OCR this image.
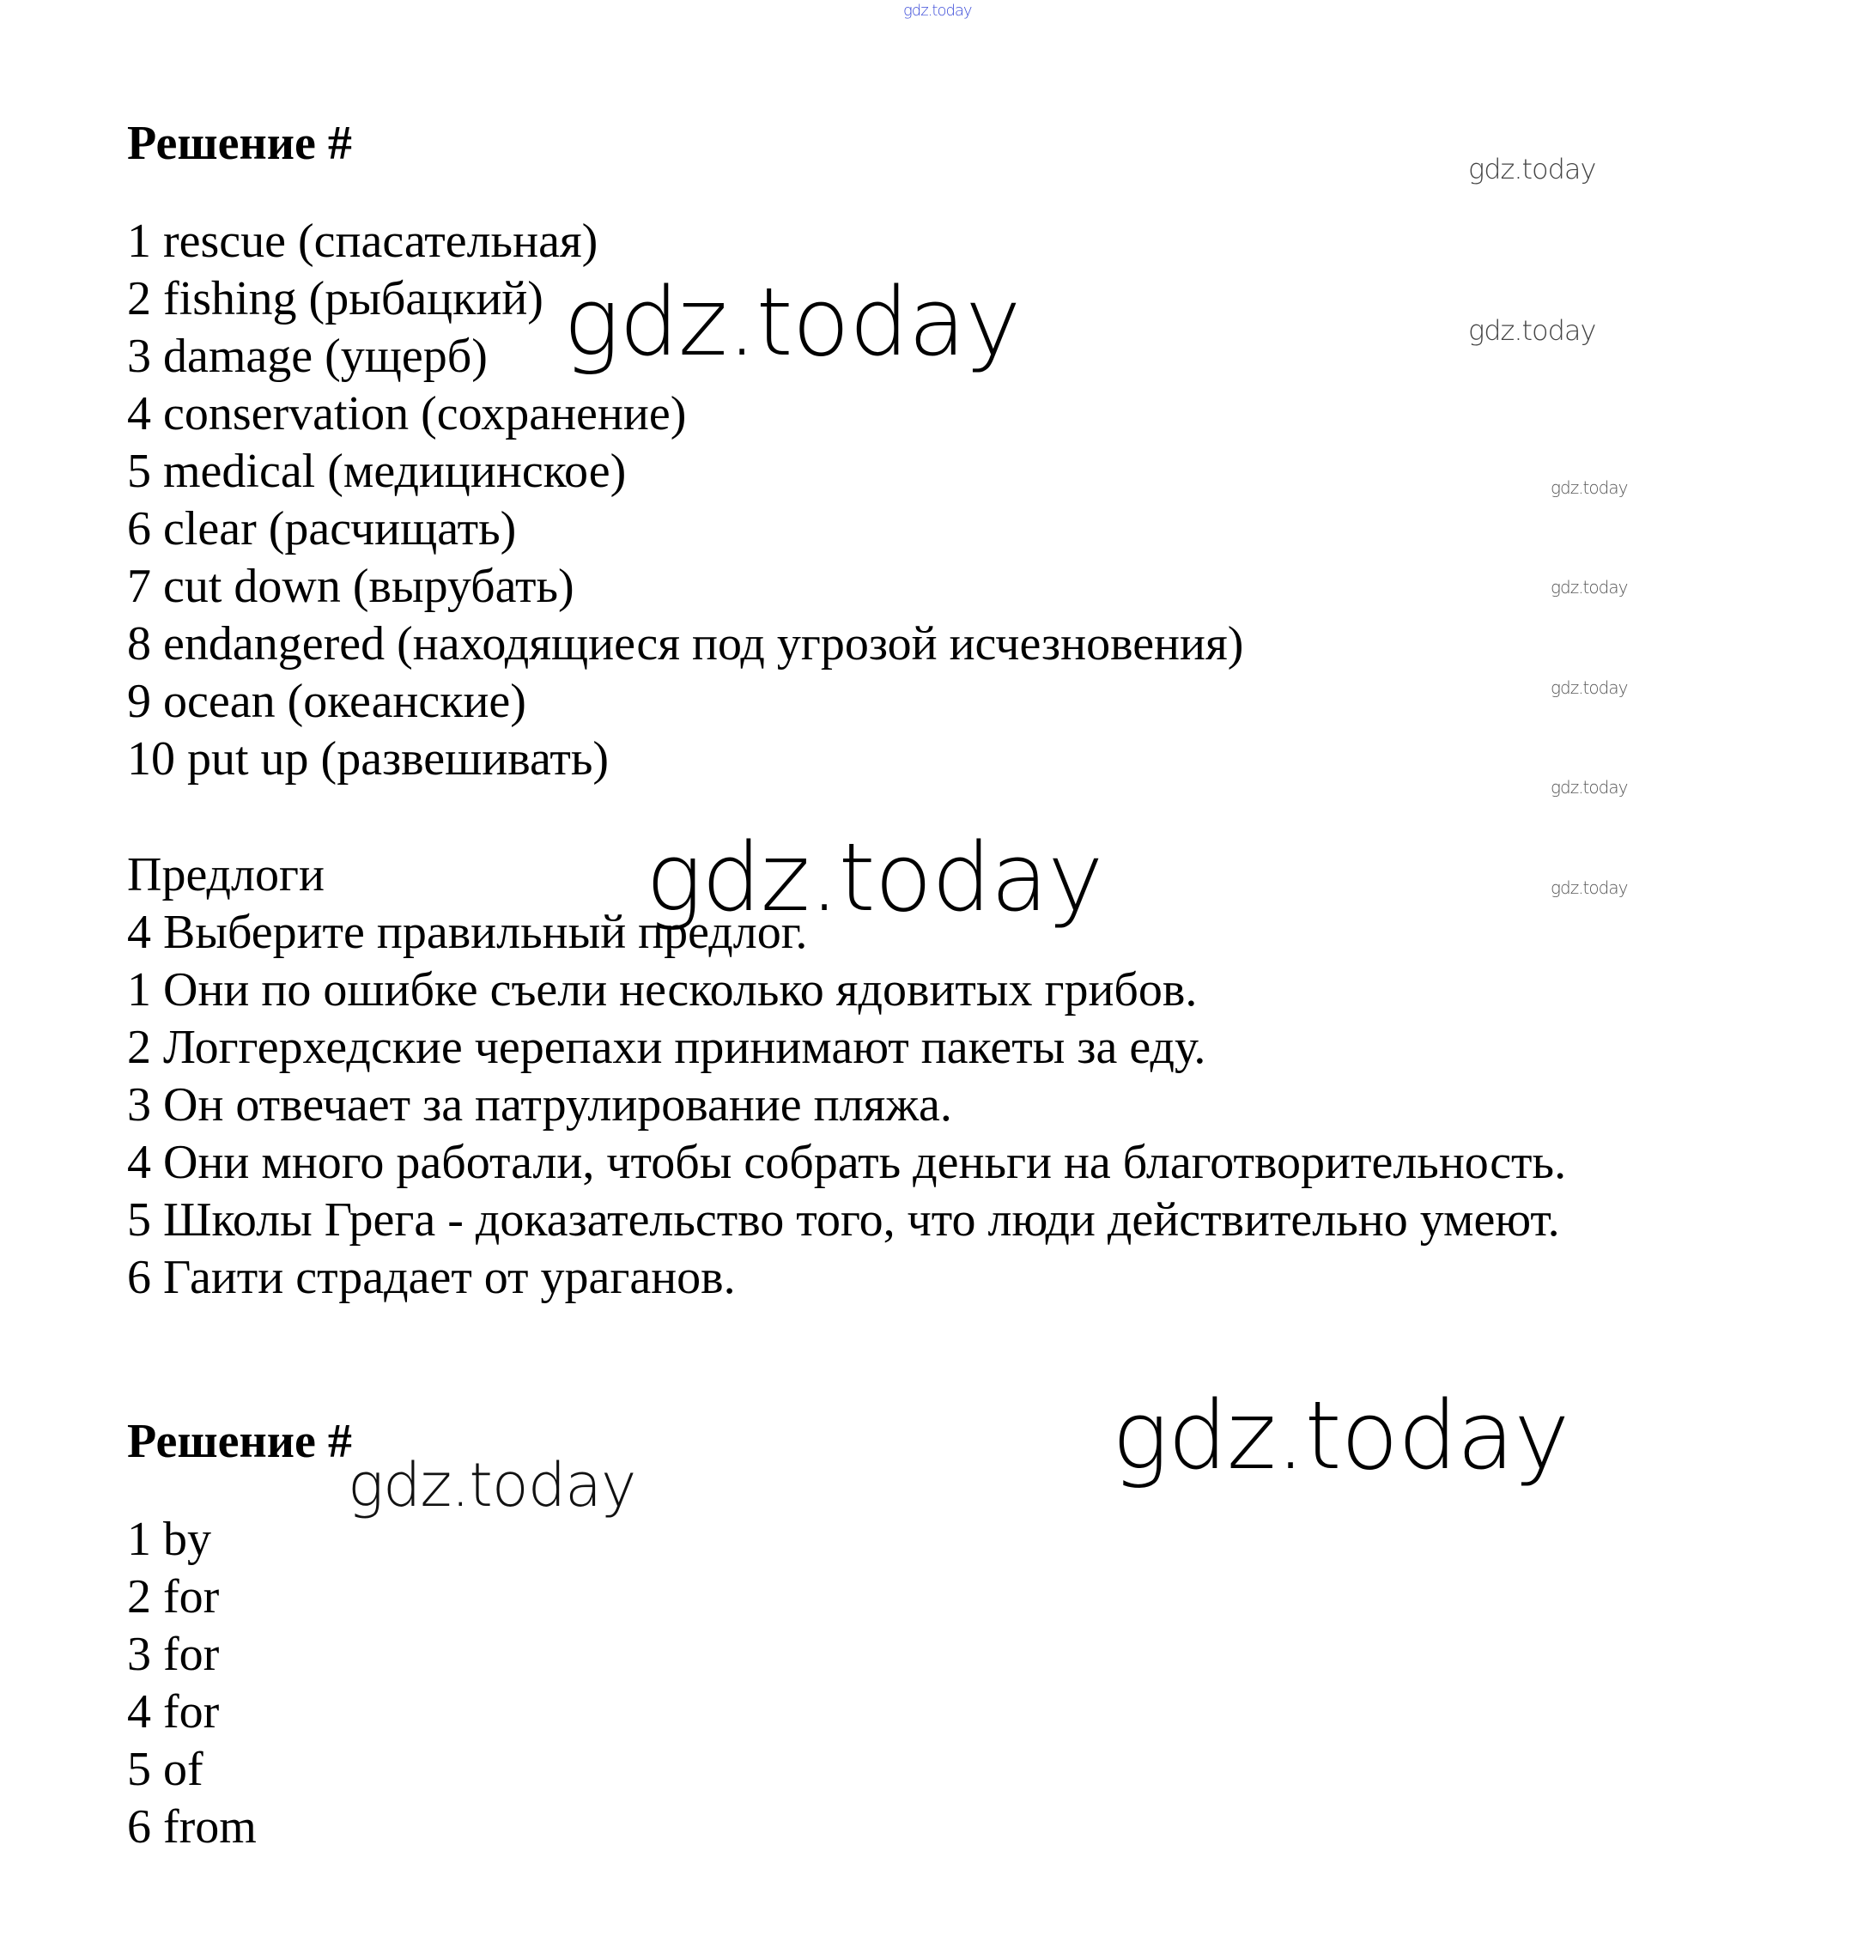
gdz.today
gdz.today
gdz.today
gdz.today
gdz.today
gdz.today
gdz.today
gdz.today
gdz.today
gdz.today
gdz.today
gdz.today
Решение #
1 rescue (спасательная)
2 fishing (рыбацкий)
3 damage (ущерб)
4 conservation (сохранение)
5 medical (медицинское)
6 clear (расчищать)
7 cut down (вырубать)
8 endangered (находящиеся под угрозой исчезновения)
9 ocean (океанские)
10 put up (развешивать)
Предлоги
4 Выберите правильный предлог.
1 Они по ошибке съели несколько ядовитых грибов.
2 Логгерхедские черепахи принимают пакеты за еду.
3 Он отвечает за патрулирование пляжа.
4 Они много работали, чтобы собрать деньги на благотворительность.
5 Школы Грега - доказательство того, что люди действительно умеют.
6 Гаити страдает от ураганов.
Решение #
1 by
2 for
3 for
4 for
5 of
6 from
